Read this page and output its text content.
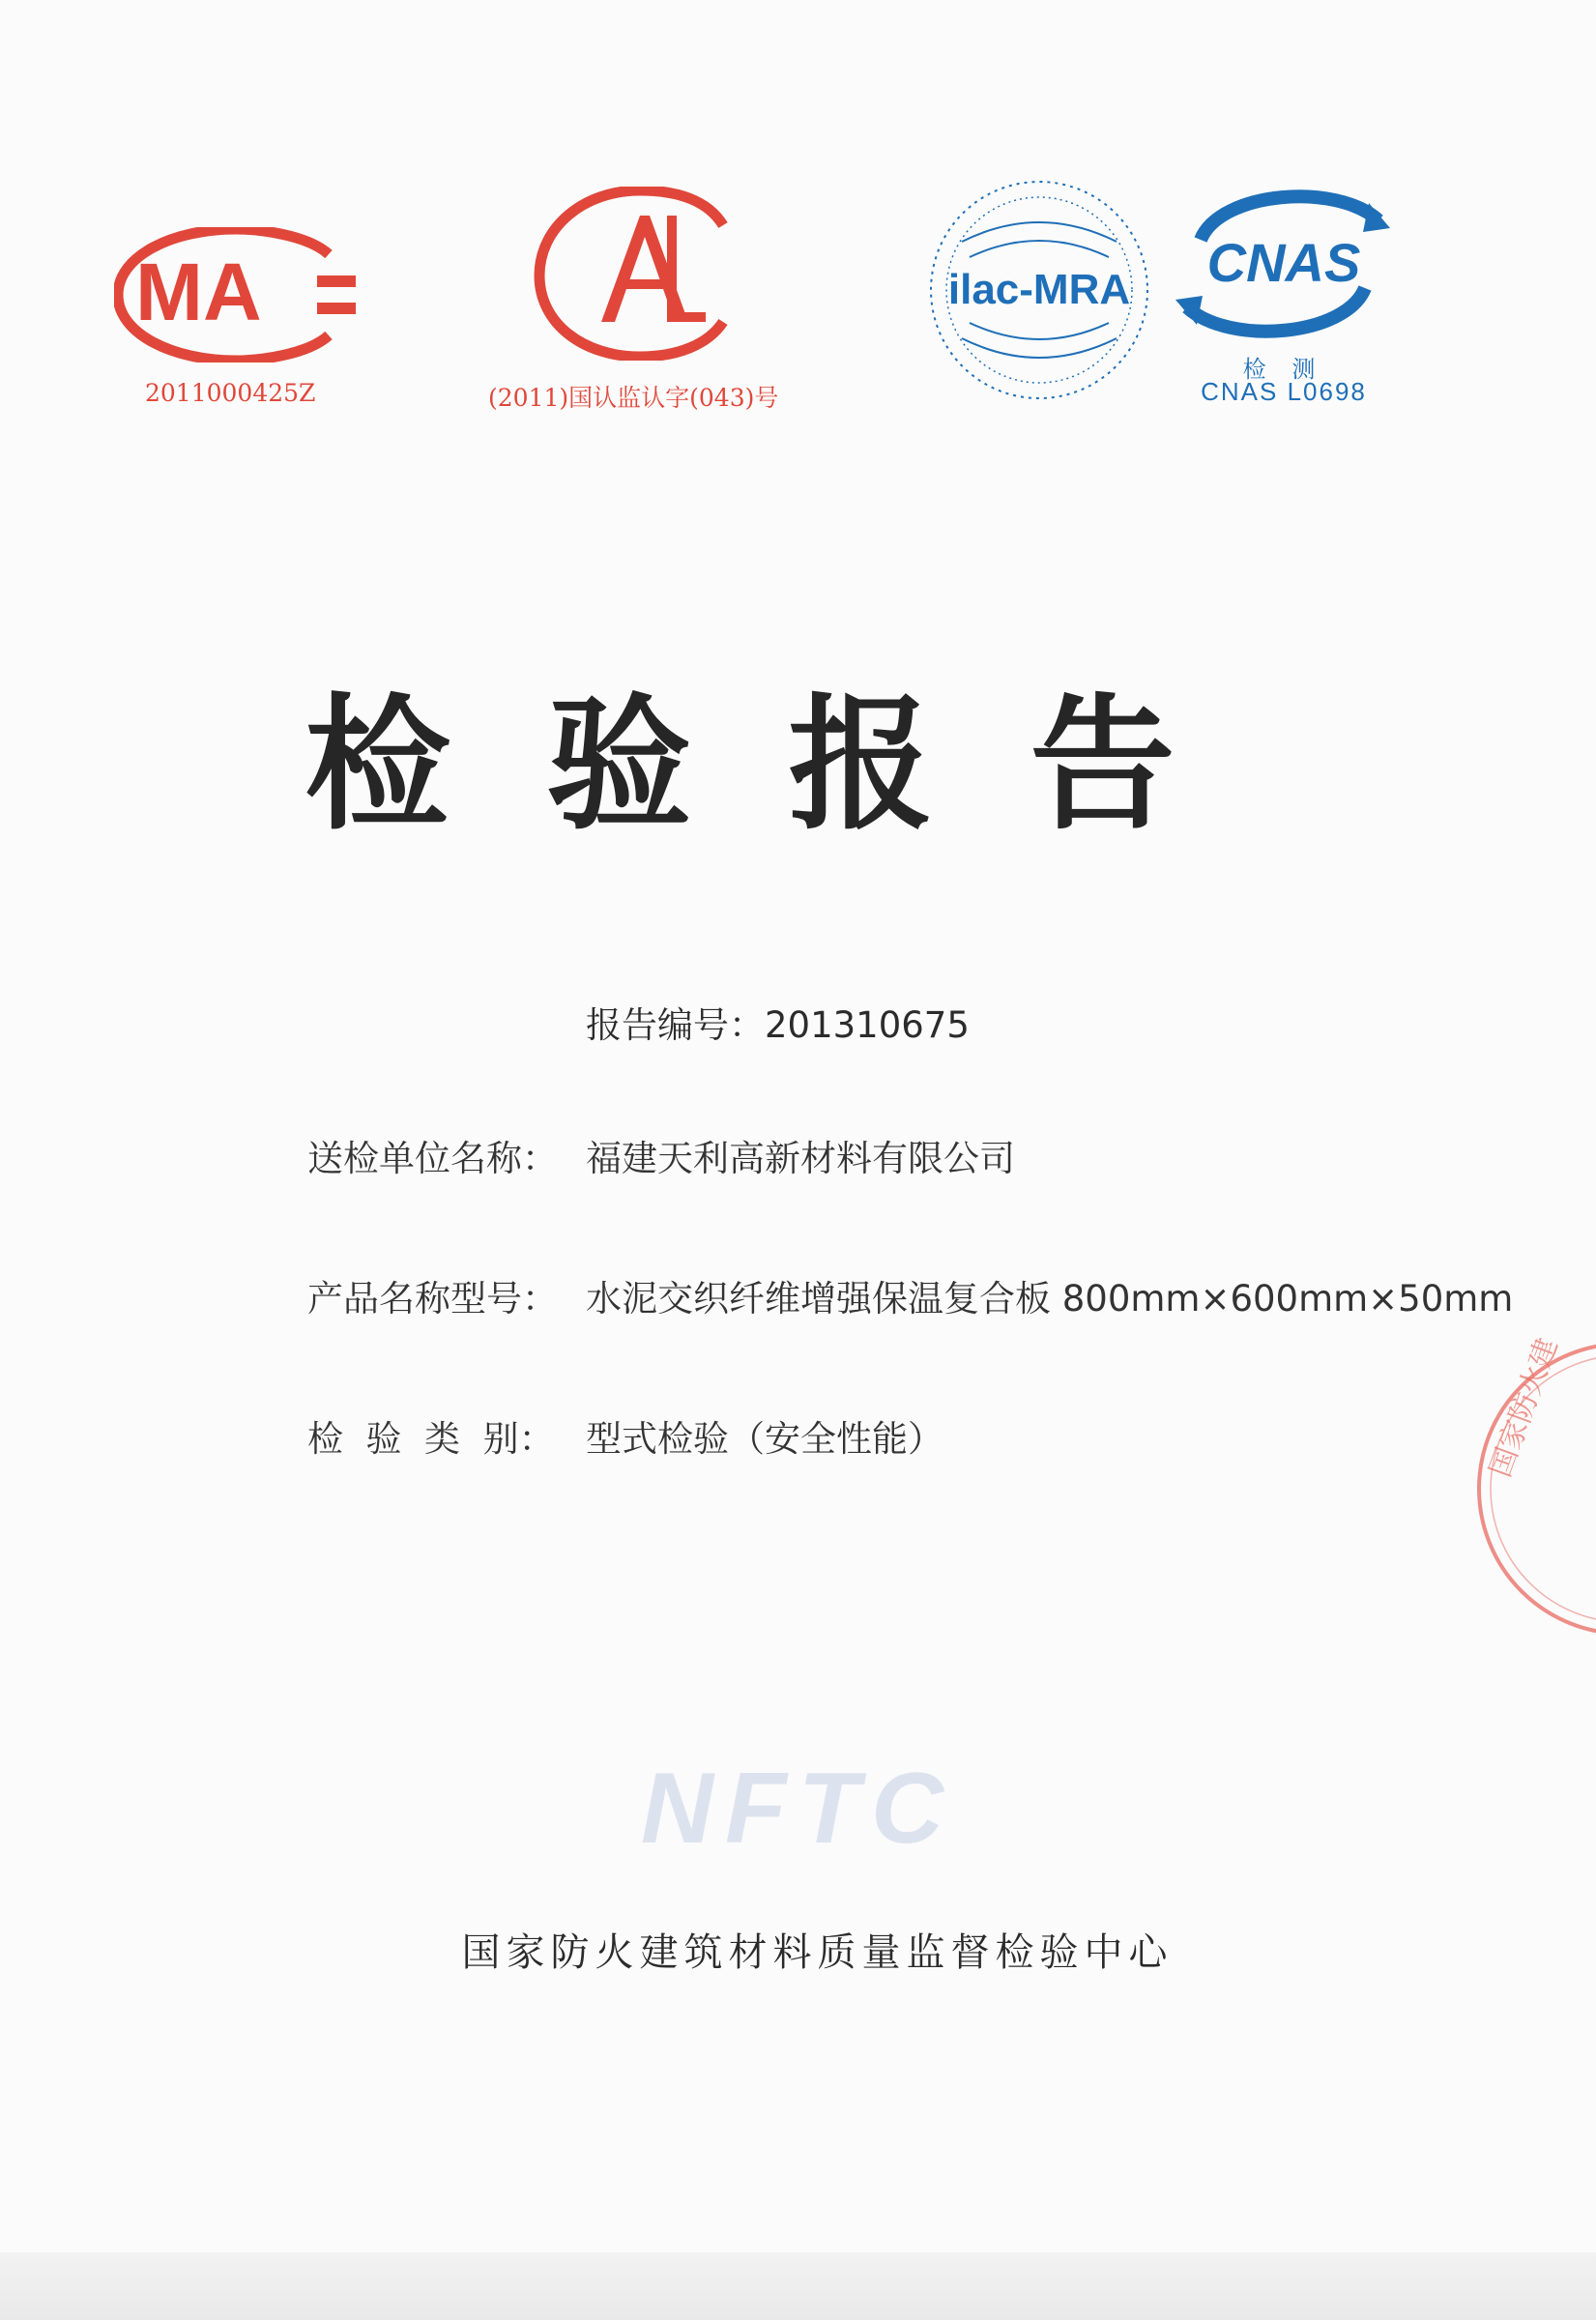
MA
2011000425Z	(2011)国认监认字(043)号
ilac-MRA CNAS
检 测
CNAS L0698
检验报告
报告编号：201310675
送检单位名称： 福建天利高新材料有限公司
产品名称型号： 水泥交织纤维增强保温复合板 800mm×600mm×50mm
检  验  类  别： 型式检验（安全性能）
NFTC
国家防火建筑材料质量监督检验中心
国家防火建
